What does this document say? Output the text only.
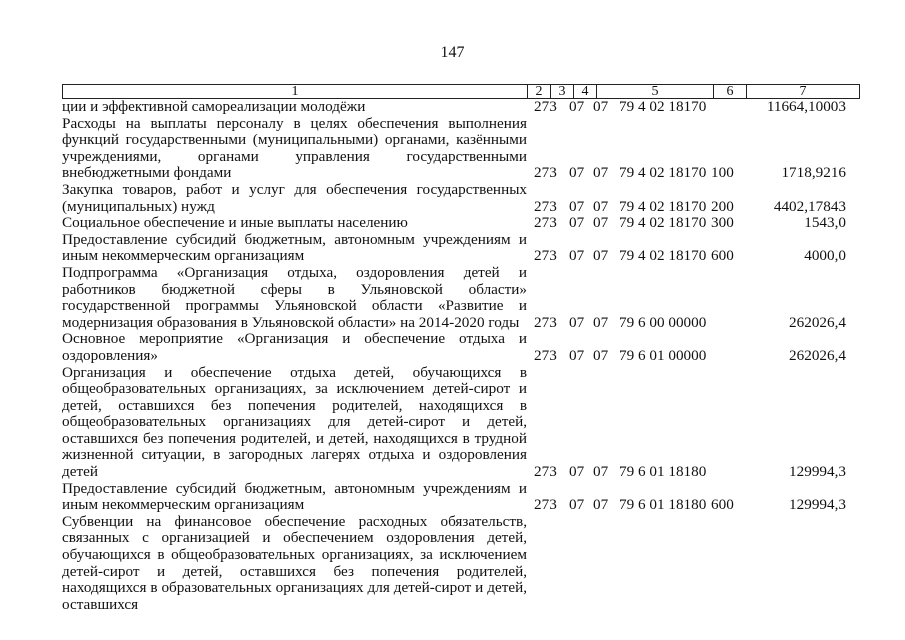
147
1	2	3	4	5	6	7
ции и эффективной самореализации молодёжи	273 07 07 79 4 02 18170	11664,10003
Расходы на выплаты персоналу в целях обеспечения выполнения функций государственными (муниципальными) органами, казёнными учреждениями, органами управления государственными внебюджетными фондами	273 07 07 79 4 02 18170 100	1718,9216
Закупка товаров, работ и услуг для обеспечения государственных (муниципальных) нужд	273 07 07 79 4 02 18170 200	4402,17843
Социальное обеспечение и иные выплаты населению	273 07 07 79 4 02 18170 300	1543,0
Предоставление субсидий бюджетным, автономным учреждениям и иным некоммерческим организациям	273 07 07 79 4 02 18170 600	4000,0
Подпрограмма «Организация отдыха, оздоровления детей и работников бюджетной сферы в Ульяновской области» государственной программы Ульяновской области «Развитие и модернизация образования в Ульяновской области» на 2014-2020 годы 273 07 07 79 6 00 00000	262026,4
Основное мероприятие «Организация и обеспечение отдыха и оздоровления»	273 07 07 79 6 01 00000	262026,4
Организация и обеспечение отдыха детей, обучающихся в общеобразовательных организациях, за исключением детей-сирот и детей, оставшихся без попечения родителей, находящихся в общеобразовательных организациях для детей-сирот и детей, оставшихся без попечения родителей, и детей, находящихся в трудной жизненной ситуации, в загородных лагерях отдыха и оздоровления детей	273 07 07 79 6 01 18180	129994,3
Предоставление субсидий бюджетным, автономным учреждениям и иным некоммерческим организациям	273 07 07 79 6 01 18180 600	129994,3
Субвенции на финансовое обеспечение расходных обязательств, связанных с организацией и обеспечением оздоровления детей, обучающихся в общеобразовательных организациях, за исключением детей-сирот и детей, оставшихся без попечения родителей, находящихся в образовательных организациях для детей-сирот и детей, оставшихся
